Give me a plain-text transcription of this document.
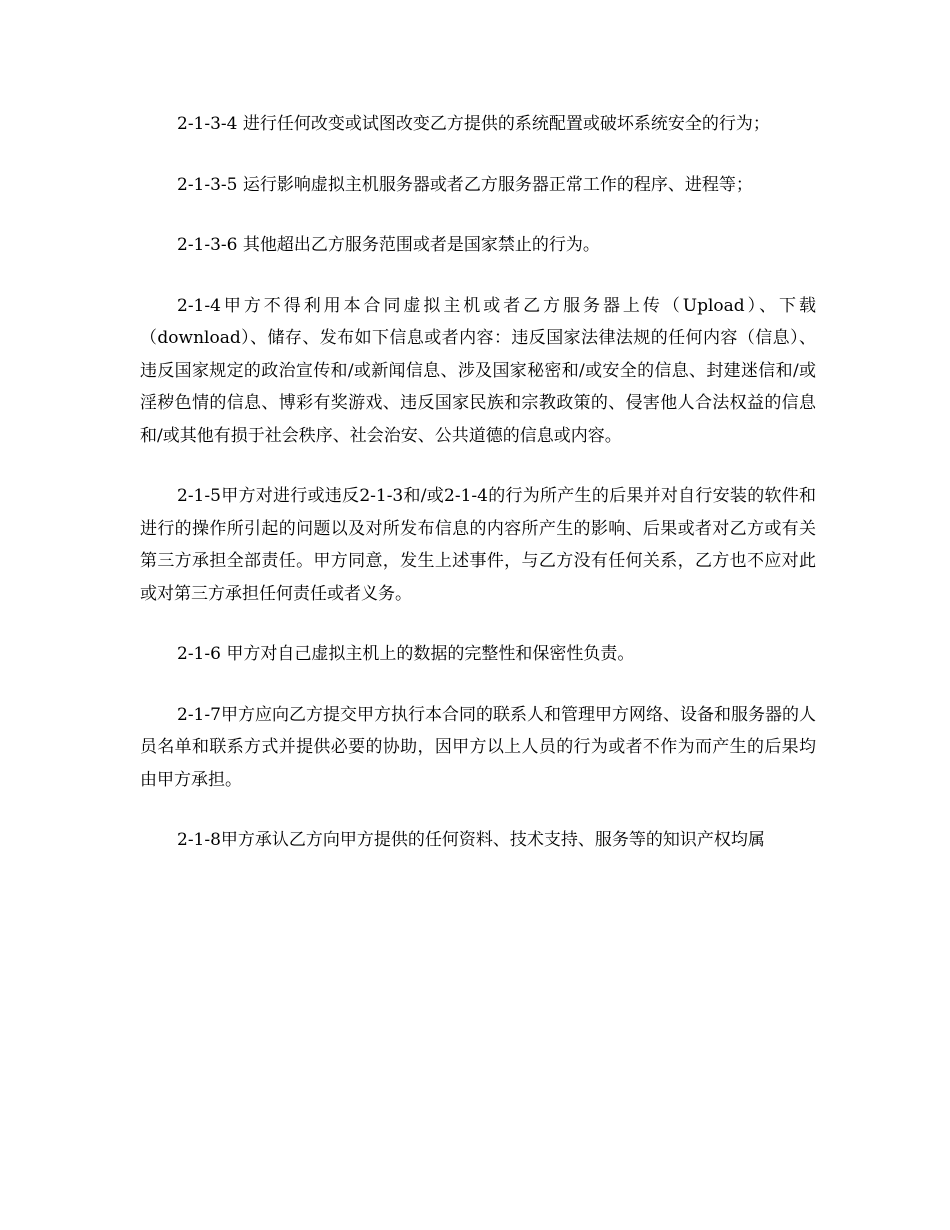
2-1-3-4 进行任何改变或试图改变乙方提供的系统配置或破坏系统安全的行为；

2-1-3-5 运行影响虚拟主机服务器或者乙方服务器正常工作的程序、进程等；

2-1-3-6 其他超出乙方服务范围或者是国家禁止的行为。

2-1-4甲方不得利用本合同虚拟主机或者乙方服务器上传（Upload）、下载（download）、储存、发布如下信息或者内容：违反国家法律法规的任何内容（信息）、违反国家规定的政治宣传和/或新闻信息、涉及国家秘密和/或安全的信息、封建迷信和/或淫秽色情的信息、博彩有奖游戏、违反国家民族和宗教政策的、侵害他人合法权益的信息和/或其他有损于社会秩序、社会治安、公共道德的信息或内容。

2-1-5甲方对进行或违反2-1-3和/或2-1-4的行为所产生的后果并对自行安装的软件和进行的操作所引起的问题以及对所发布信息的内容所产生的影响、后果或者对乙方或有关第三方承担全部责任。甲方同意，发生上述事件，与乙方没有任何关系，乙方也不应对此或对第三方承担任何责任或者义务。

2-1-6 甲方对自己虚拟主机上的数据的完整性和保密性负责。

2-1-7甲方应向乙方提交甲方执行本合同的联系人和管理甲方网络、设备和服务器的人员名单和联系方式并提供必要的协助，因甲方以上人员的行为或者不作为而产生的后果均由甲方承担。

2-1-8甲方承认乙方向甲方提供的任何资料、技术支持、服务等的知识产权均属
